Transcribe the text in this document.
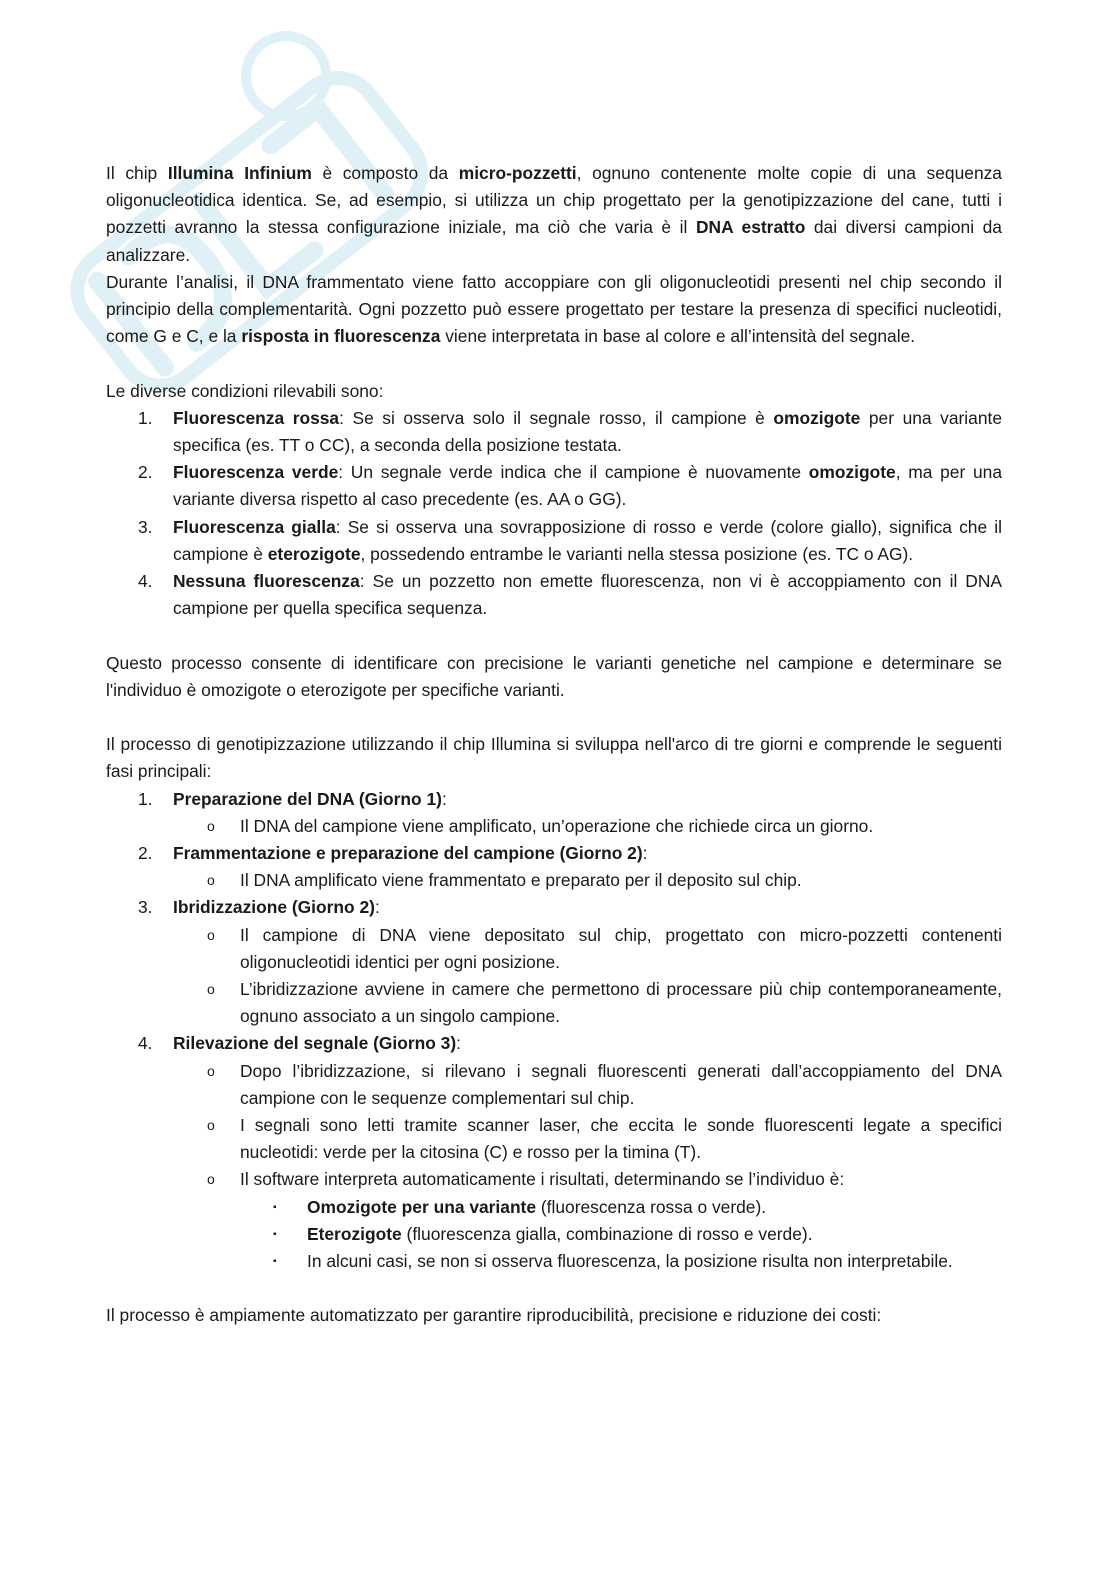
Il chip Illumina Infinium è composto da micro-pozzetti, ognuno contenente molte copie di una sequenza oligonucleotidica identica. Se, ad esempio, si utilizza un chip progettato per la genotipizzazione del cane, tutti i pozzetti avranno la stessa configurazione iniziale, ma ciò che varia è il DNA estratto dai diversi campioni da analizzare.

Durante l’analisi, il DNA frammentato viene fatto accoppiare con gli oligonucleotidi presenti nel chip secondo il principio della complementarità. Ogni pozzetto può essere progettato per testare la presenza di specifici nucleotidi, come G e C, e la risposta in fluorescenza viene interpretata in base al colore e all’intensità del segnale.

Le diverse condizioni rilevabili sono:

1.	Fluorescenza rossa: Se si osserva solo il segnale rosso, il campione è omozigote per una variante specifica (es. TT o CC), a seconda della posizione testata.
2.	Fluorescenza verde: Un segnale verde indica che il campione è nuovamente omozigote, ma per una variante diversa rispetto al caso precedente (es. AA o GG).
3.	Fluorescenza gialla: Se si osserva una sovrapposizione di rosso e verde (colore giallo), significa che il campione è eterozigote, possedendo entrambe le varianti nella stessa posizione (es. TC o AG).
4.	Nessuna fluorescenza: Se un pozzetto non emette fluorescenza, non vi è accoppiamento con il DNA campione per quella specifica sequenza.

Questo processo consente di identificare con precisione le varianti genetiche nel campione e determinare se l'individuo è omozigote o eterozigote per specifiche varianti.

Il processo di genotipizzazione utilizzando il chip Illumina si sviluppa nell'arco di tre giorni e comprende le seguenti fasi principali:

1.	Preparazione del DNA (Giorno 1):
o Il DNA del campione viene amplificato, un’operazione che richiede circa un giorno.
2.	Frammentazione e preparazione del campione (Giorno 2):
o Il DNA amplificato viene frammentato e preparato per il deposito sul chip.
3.	Ibridizzazione (Giorno 2):
o Il campione di DNA viene depositato sul chip, progettato con micro-pozzetti contenenti oligonucleotidi identici per ogni posizione.
o L’ibridizzazione avviene in camere che permettono di processare più chip contemporaneamente, ognuno associato a un singolo campione.
4.	Rilevazione del segnale (Giorno 3):
o Dopo l’ibridizzazione, si rilevano i segnali fluorescenti generati dall’accoppiamento del DNA campione con le sequenze complementari sul chip.
o I segnali sono letti tramite scanner laser, che eccita le sonde fluorescenti legate a specifici nucleotidi: verde per la citosina (C) e rosso per la timina (T).
o Il software interpreta automaticamente i risultati, determinando se l’individuo è:
▪ Omozigote per una variante (fluorescenza rossa o verde).
▪ Eterozigote (fluorescenza gialla, combinazione di rosso e verde).
▪ In alcuni casi, se non si osserva fluorescenza, la posizione risulta non interpretabile.

Il processo è ampiamente automatizzato per garantire riproducibilità, precisione e riduzione dei costi:
